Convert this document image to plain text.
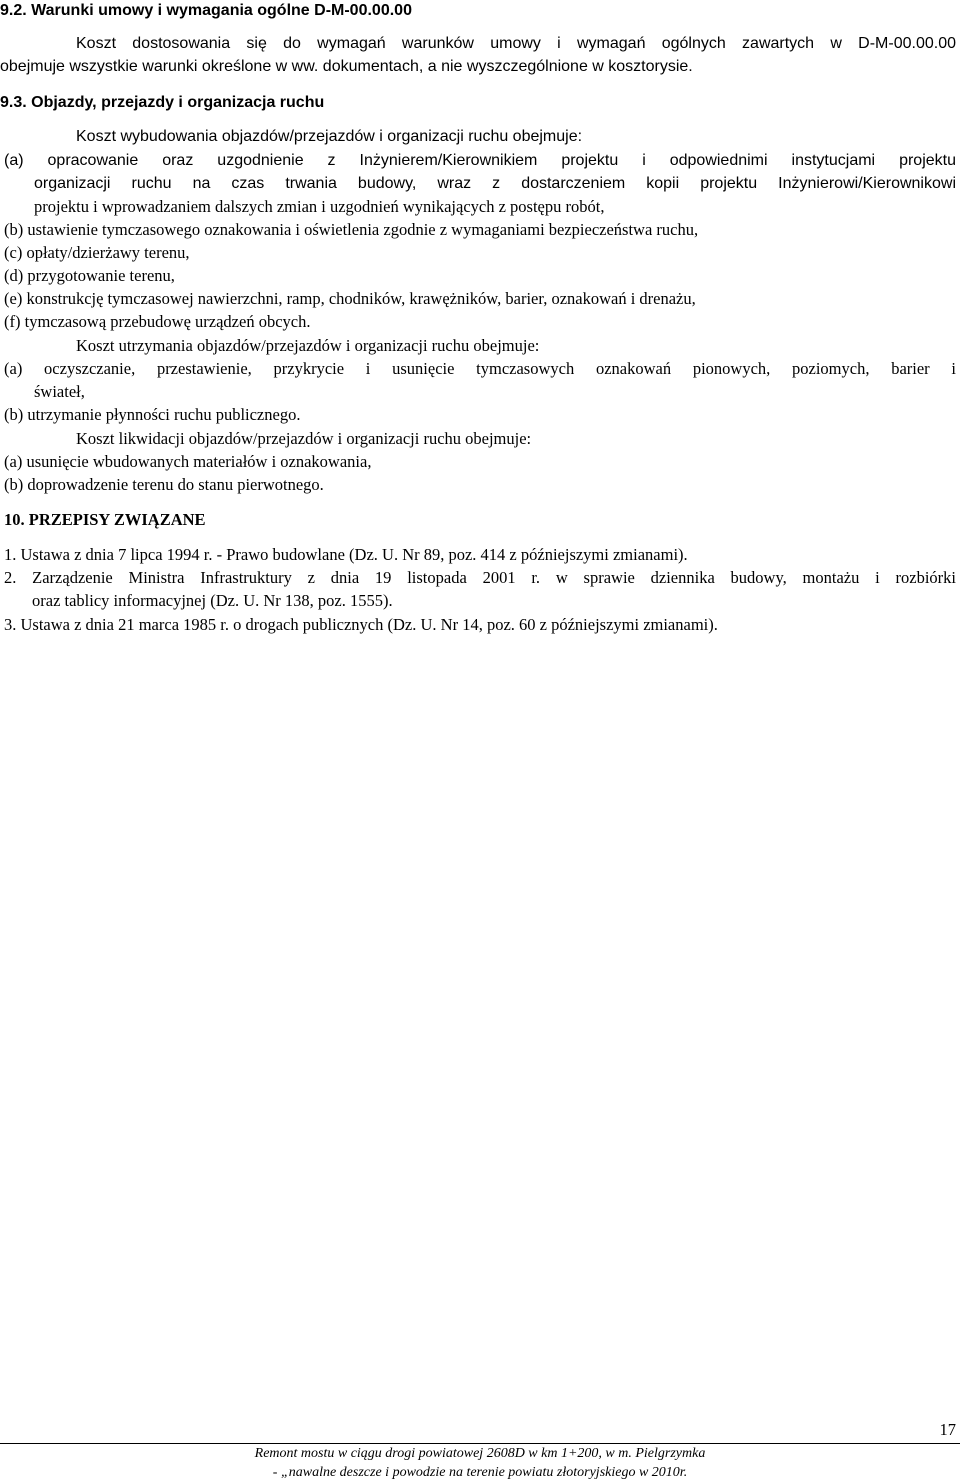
9.2. Warunki umowy i wymagania ogólne D-M-00.00.00
Koszt dostosowania się do wymagań warunków umowy i wymagań ogólnych zawartych w D-M-00.00.00
obejmuje wszystkie warunki określone w ww. dokumentach, a nie wyszczególnione w kosztorysie.
9.3. Objazdy, przejazdy i organizacja ruchu
Koszt wybudowania objazdów/przejazdów i organizacji ruchu obejmuje:
(a) opracowanie oraz uzgodnienie z Inżynierem/Kierownikiem projektu i odpowiednimi instytucjami projektu
organizacji ruchu na czas trwania budowy, wraz z dostarczeniem kopii projektu Inżynierowi/Kierownikowi
projektu i wprowadzaniem dalszych zmian i uzgodnień wynikających z postępu robót,
(b) ustawienie tymczasowego oznakowania i oświetlenia zgodnie z wymaganiami bezpieczeństwa ruchu,
(c) opłaty/dzierżawy terenu,
(d) przygotowanie terenu,
(e) konstrukcję tymczasowej nawierzchni, ramp, chodników, krawężników, barier, oznakowań i drenażu,
(f) tymczasową przebudowę urządzeń obcych.
Koszt utrzymania objazdów/przejazdów i organizacji ruchu obejmuje:
(a) oczyszczanie, przestawienie, przykrycie i usunięcie tymczasowych oznakowań pionowych, poziomych, barier i
świateł,
(b) utrzymanie płynności ruchu publicznego.
Koszt likwidacji objazdów/przejazdów i organizacji ruchu obejmuje:
(a) usunięcie wbudowanych materiałów i oznakowania,
(b) doprowadzenie terenu do stanu pierwotnego.
10. PRZEPISY ZWIĄZANE
1. Ustawa z dnia 7 lipca 1994 r. - Prawo budowlane (Dz. U. Nr 89, poz. 414 z późniejszymi zmianami).
2. Zarządzenie Ministra Infrastruktury z dnia 19 listopada 2001 r. w sprawie dziennika budowy, montażu i rozbiórki
oraz tablicy informacyjnej (Dz. U. Nr 138, poz. 1555).
3. Ustawa z dnia 21 marca 1985 r. o drogach publicznych (Dz. U. Nr 14, poz. 60 z późniejszymi zmianami).
17
Remont mostu w ciągu drogi powiatowej 2608D w km 1+200, w m. Pielgrzymka
- „nawalne deszcze i powodzie na terenie powiatu złotoryjskiego w 2010r.
